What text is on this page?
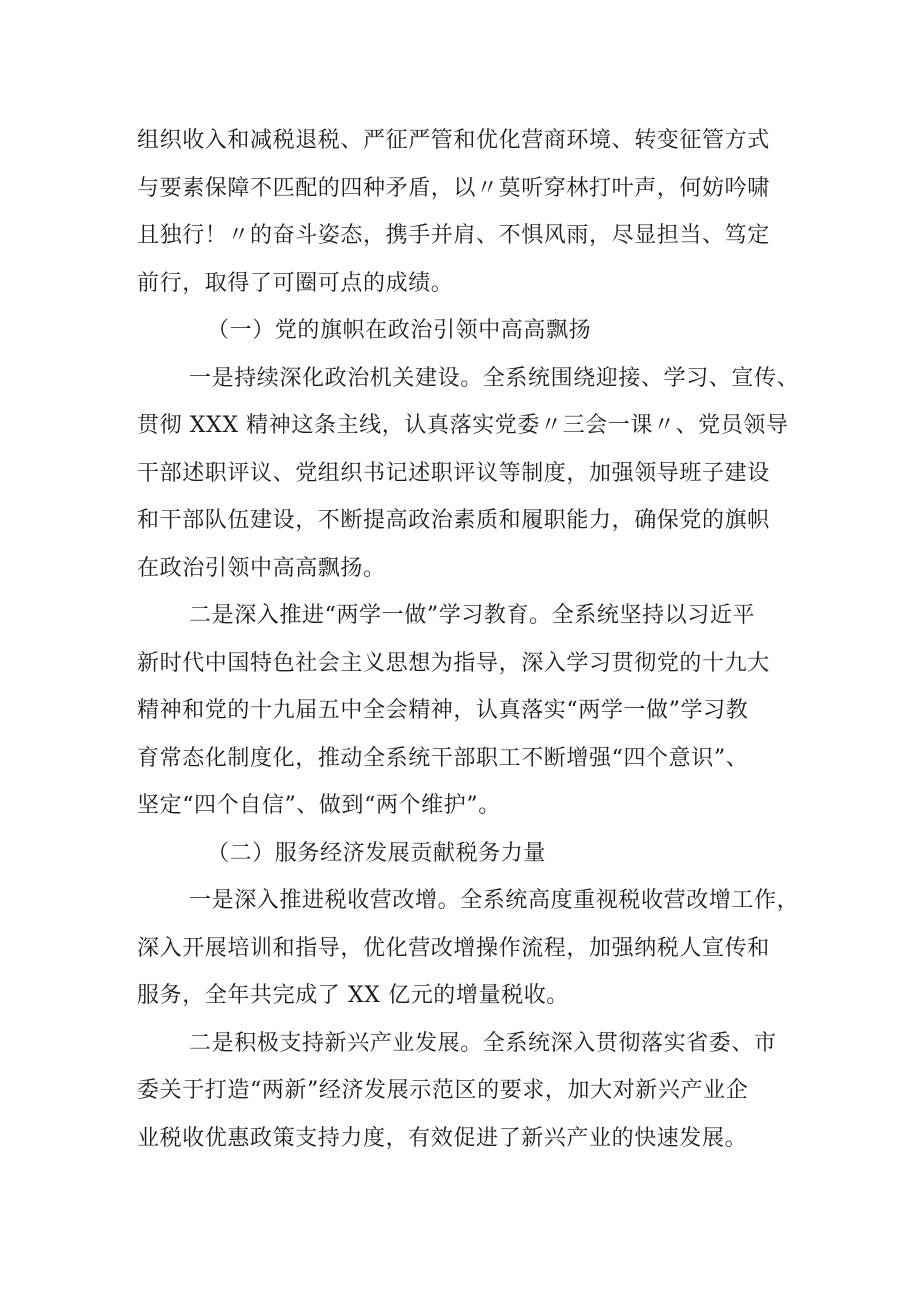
组织收入和减税退税、严征严管和优化营商环境、转变征管方式
与要素保障不匹配的四种矛盾，以〃莫听穿林打叶声，何妨吟啸
且独行！〃的奋斗姿态，携手并肩、不惧风雨，尽显担当、笃定
前行，取得了可圈可点的成绩。
（一）党的旗帜在政治引领中高高飘扬
一是持续深化政治机关建设。全系统围绕迎接、学习、宣传、
贯彻 XXX 精神这条主线，认真落实党委〃三会一课〃、党员领导
干部述职评议、党组织书记述职评议等制度，加强领导班子建设
和干部队伍建设，不断提高政治素质和履职能力，确保党的旗帜
在政治引领中高高飘扬。
二是深入推进“两学一做”学习教育。全系统坚持以习近平
新时代中国特色社会主义思想为指导，深入学习贯彻党的十九大
精神和党的十九届五中全会精神，认真落实“两学一做”学习教
育常态化制度化，推动全系统干部职工不断增强“四个意识”、
坚定“四个自信”、做到“两个维护”。
（二）服务经济发展贡献税务力量
一是深入推进税收营改增。全系统高度重视税收营改增工作，
深入开展培训和指导，优化营改增操作流程，加强纳税人宣传和
服务，全年共完成了 XX 亿元的增量税收。
二是积极支持新兴产业发展。全系统深入贯彻落实省委、市
委关于打造“两新”经济发展示范区的要求，加大对新兴产业企
业税收优惠政策支持力度，有效促进了新兴产业的快速发展。
